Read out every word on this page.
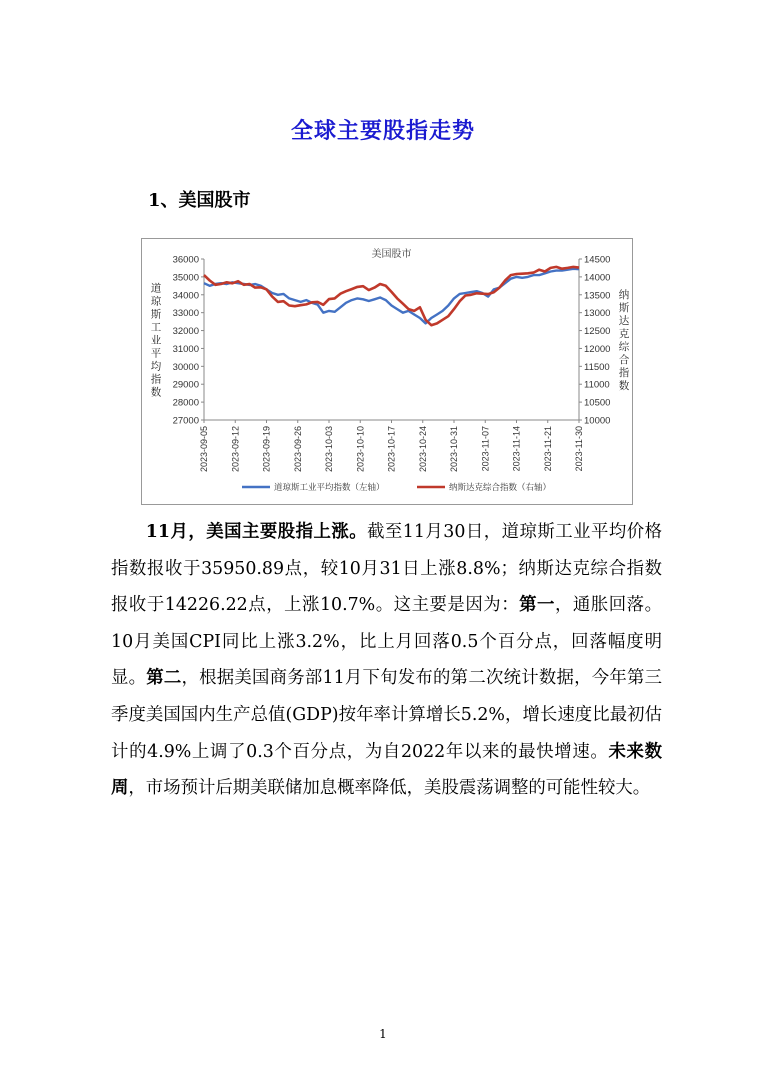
全球主要股指走势
1、美国股市
美国股市
36000
35000
34000
33000
32000
31000
30000
29000
28000
27000
14500
14000
13500
13000
12500
12000
11500
11000
10500
10000
道
琼
斯
工
业
平
均
指
数
纳
斯
达
克
综
合
指
数
2023-09-05 2023-09-12 2023-09-19 2023-09-26 2023-10-03 2023-10-10 2023-10-17 2023-10-24 2023-10-31 2023-11-07 2023-11-14 2023-11-21 2023-11-30
道琼斯工业平均指数（左轴）	纳斯达克综合指数（右轴）

11月，美国主要股指上涨。截至11月30日，道琼斯工业平均价格指数报收于35950.89点，较10月31日上涨8.8%；纳斯达克综合指数报收于14226.22点，上涨10.7%。这主要是因为：第一，通胀回落。10月美国CPI同比上涨3.2%，比上月回落0.5个百分点，回落幅度明显。第二，根据美国商务部11月下旬发布的第二次统计数据，今年第三季度美国国内生产总值(GDP)按年率计算增长5.2%，增长速度比最初估计的4.9%上调了0.3个百分点，为自2022年以来的最快增速。未来数周，市场预计后期美联储加息概率降低，美股震荡调整的可能性较大。

1
